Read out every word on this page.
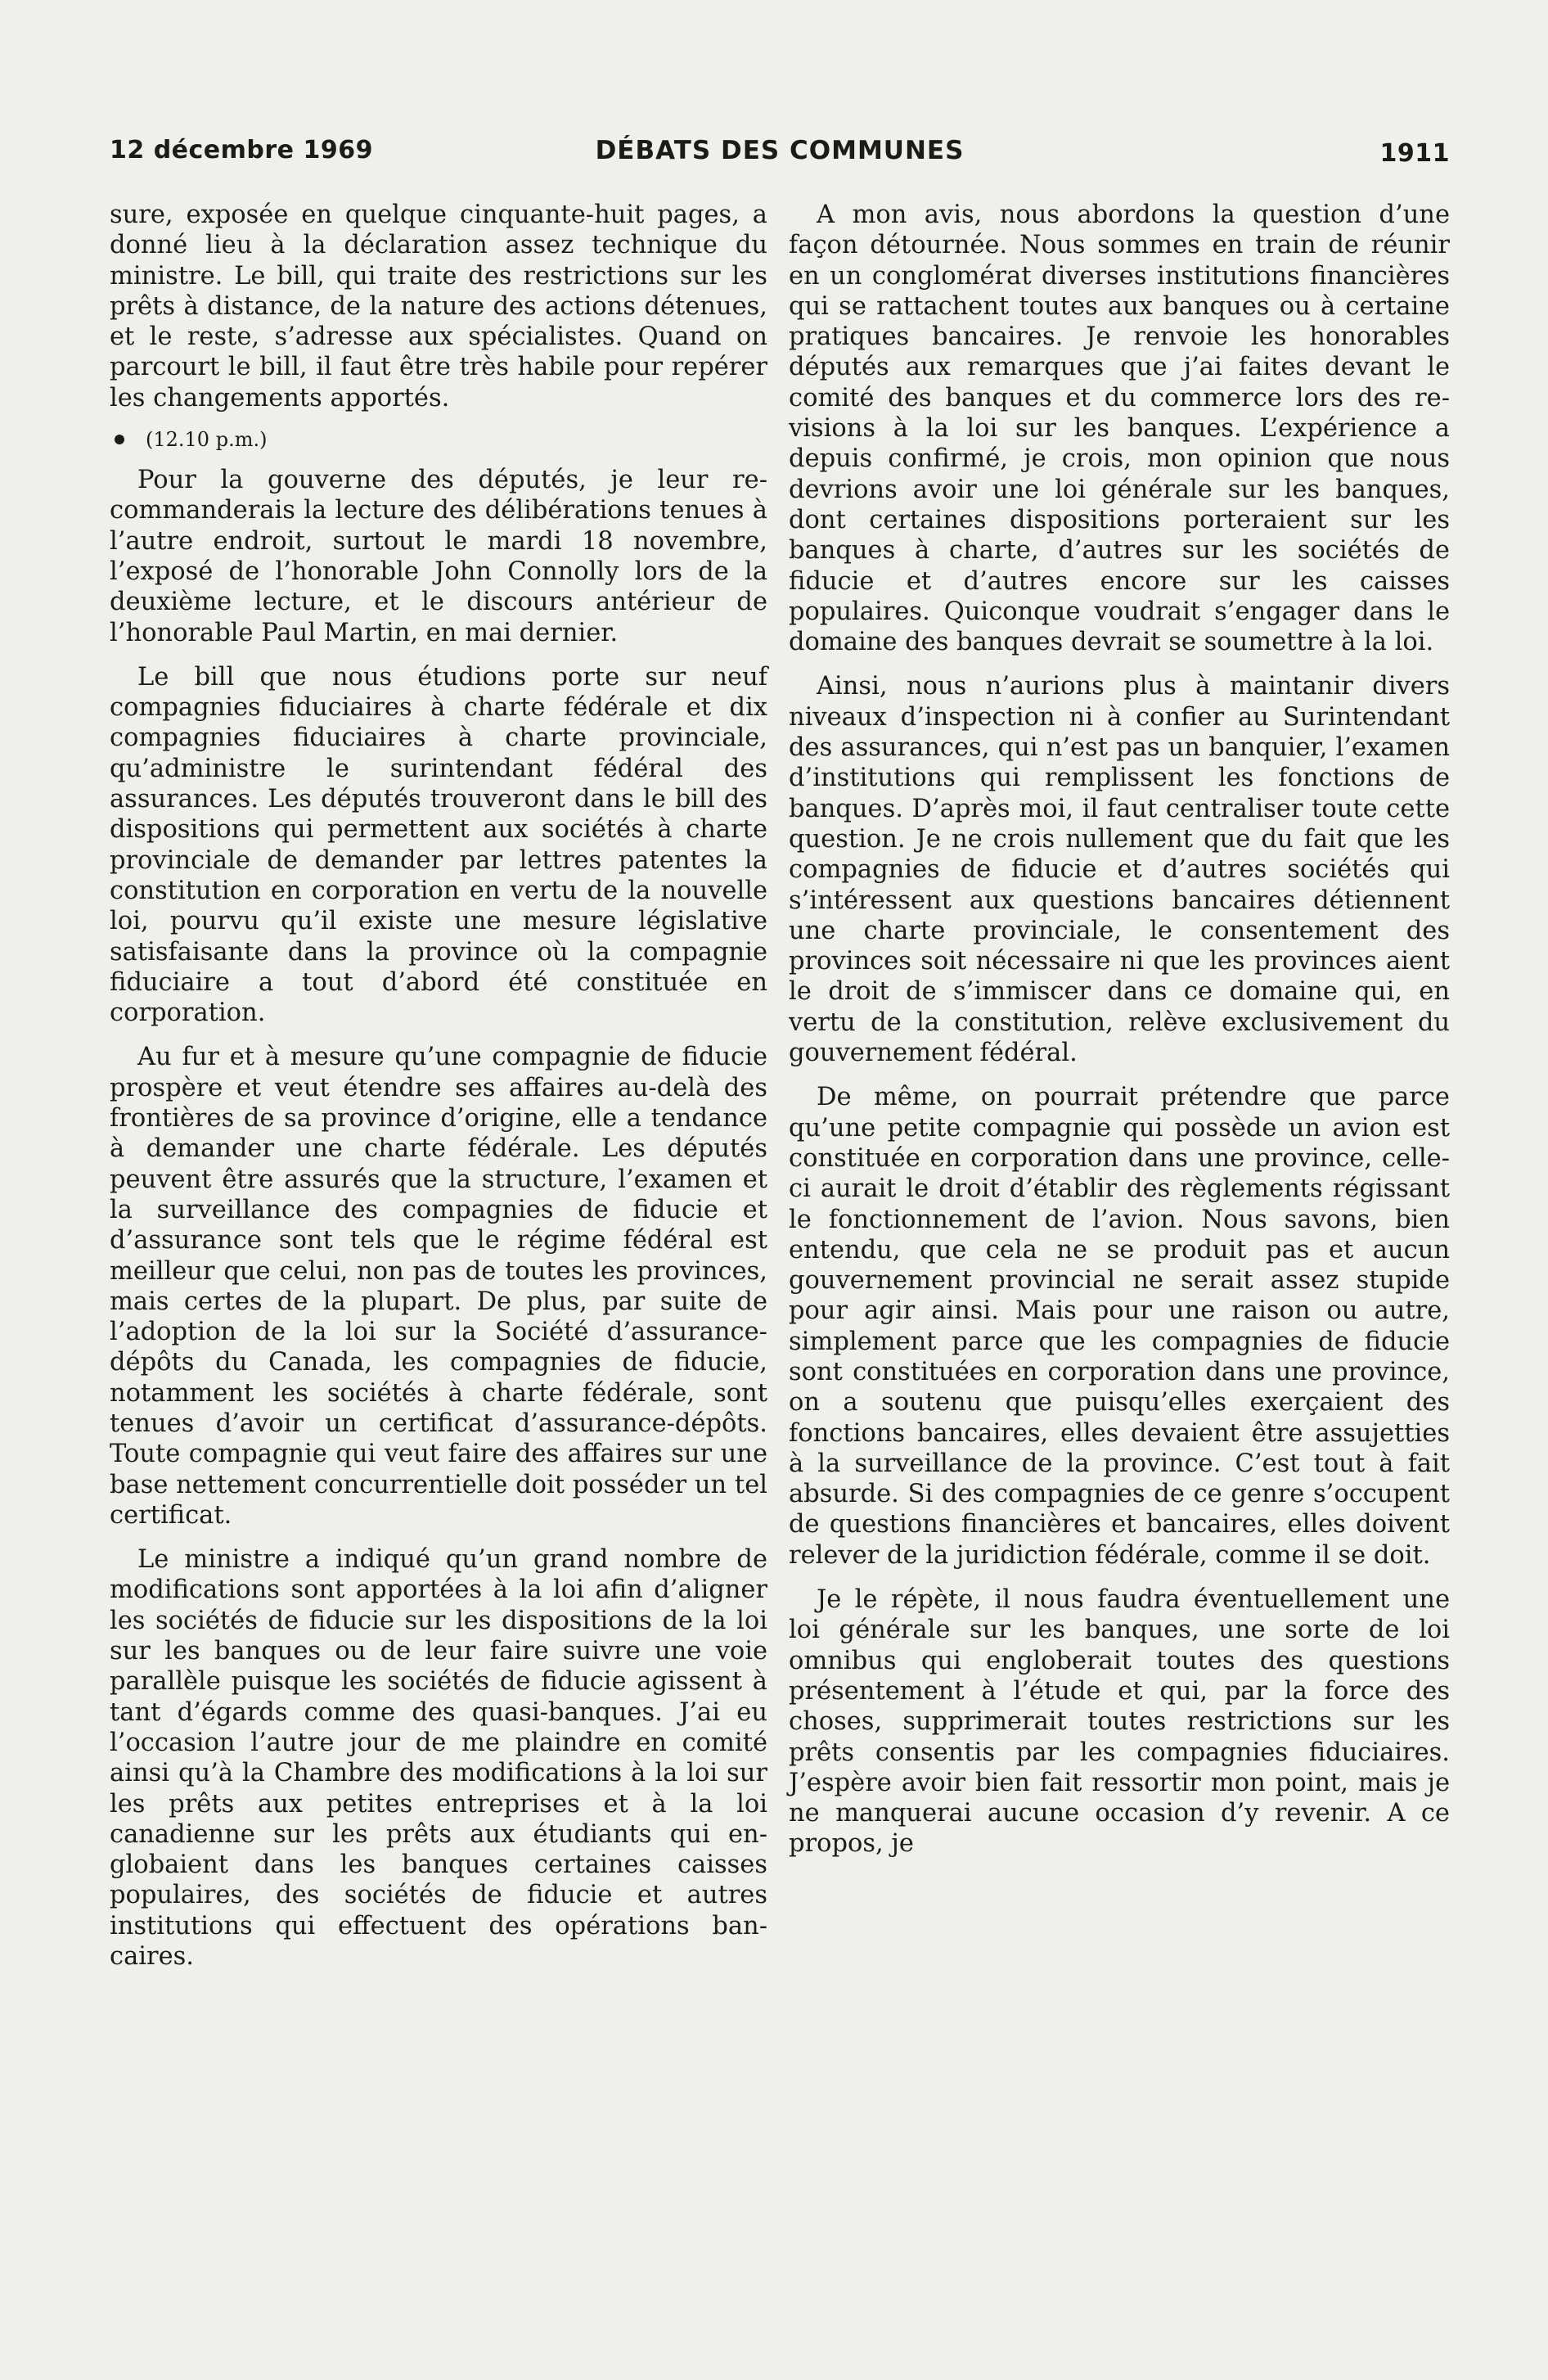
12 décembre 1969	DÉBATS DES COMMUNES	1911

sure, exposée en quelque cinquante-huit pages, a donné lieu à la déclaration assez technique du ministre. Le bill, qui traite des restrictions sur les prêts à distance, de la nature des actions détenues, et le reste, s’adresse aux spécialistes. Quand on parcourt le bill, il faut être très habile pour repérer les changements apportés.

(12.10 p.m.)

Pour la gouverne des députés, je leur recommanderais la lecture des délibérations tenues à l’autre endroit, surtout le mardi 18 novembre, l’exposé de l’honorable John Connolly lors de la deuxième lecture, et le discours antérieur de l’honorable Paul Martin, en mai dernier.

Le bill que nous étudions porte sur neuf compagnies fiduciaires à charte fédérale et dix compagnies fiduciaires à charte provinciale, qu’administre le surintendant fédéral des assurances. Les députés trouveront dans le bill des dispositions qui permettent aux sociétés à charte provinciale de demander par lettres patentes la constitution en corporation en vertu de la nouvelle loi, pourvu qu’il existe une mesure législative satisfaisante dans la province où la compagnie fiduciaire a tout d’abord été constituée en corporation.

Au fur et à mesure qu’une compagnie de fiducie prospère et veut étendre ses affaires au-delà des frontières de sa province d’origine, elle a tendance à demander une charte fédérale. Les députés peuvent être assurés que la structure, l’examen et la surveillance des compagnies de fiducie et d’assurance sont tels que le régime fédéral est meilleur que celui, non pas de toutes les provinces, mais certes de la plupart. De plus, par suite de l’adoption de la loi sur la Société d’assurance-dépôts du Canada, les compagnies de fiducie, notamment les sociétés à charte fédérale, sont tenues d’avoir un certificat d’assurance-dépôts. Toute compagnie qui veut faire des affaires sur une base nettement concurrentielle doit posséder un tel certificat.

Le ministre a indiqué qu’un grand nombre de modifications sont apportées à la loi afin d’aligner les sociétés de fiducie sur les dispositions de la loi sur les banques ou de leur faire suivre une voie parallèle puisque les sociétés de fiducie agissent à tant d’égards comme des quasi-banques. J’ai eu l’occasion l’autre jour de me plaindre en comité ainsi qu’à la Chambre des modifications à la loi sur les prêts aux petites entreprises et à la loi canadienne sur les prêts aux étudiants qui englobaient dans les banques certaines caisses populaires, des sociétés de fiducie et autres institutions qui effectuent des opérations bancaires.

A mon avis, nous abordons la question d’une façon détournée. Nous sommes en train de réunir en un conglomérat diverses institutions financières qui se rattachent toutes aux banques ou à certaine pratiques bancaires. Je renvoie les honorables députés aux remarques que j’ai faites devant le comité des banques et du commerce lors des revisions à la loi sur les banques. L’expérience a depuis confirmé, je crois, mon opinion que nous devrions avoir une loi générale sur les banques, dont certaines dispositions porteraient sur les banques à charte, d’autres sur les sociétés de fiducie et d’autres encore sur les caisses populaires. Quiconque voudrait s’engager dans le domaine des banques devrait se soumettre à la loi.

Ainsi, nous n’aurions plus à maintanir divers niveaux d’inspection ni à confier au Surintendant des assurances, qui n’est pas un banquier, l’examen d’institutions qui remplissent les fonctions de banques. D’après moi, il faut centraliser toute cette question. Je ne crois nullement que du fait que les compagnies de fiducie et d’autres sociétés qui s’intéressent aux questions bancaires détiennent une charte provinciale, le consentement des provinces soit nécessaire ni que les provinces aient le droit de s’immiscer dans ce domaine qui, en vertu de la constitution, relève exclusivement du gouvernement fédéral.

De même, on pourrait prétendre que parce qu’une petite compagnie qui possède un avion est constituée en corporation dans une province, celle-ci aurait le droit d’établir des règlements régissant le fonctionnement de l’avion. Nous savons, bien entendu, que cela ne se produit pas et aucun gouvernement provincial ne serait assez stupide pour agir ainsi. Mais pour une raison ou autre, simplement parce que les compagnies de fiducie sont constituées en corporation dans une province, on a soutenu que puisqu’elles exerçaient des fonctions bancaires, elles devaient être assujetties à la surveillance de la province. C’est tout à fait absurde. Si des compagnies de ce genre s’occupent de questions financières et bancaires, elles doivent relever de la juridiction fédérale, comme il se doit.

Je le répète, il nous faudra éventuellement une loi générale sur les banques, une sorte de loi omnibus qui engloberait toutes des questions présentement à l’étude et qui, par la force des choses, supprimerait toutes restrictions sur les prêts consentis par les compagnies fiduciaires. J’espère avoir bien fait ressortir mon point, mais je ne manquerai aucune occasion d’y revenir. A ce propos, je
